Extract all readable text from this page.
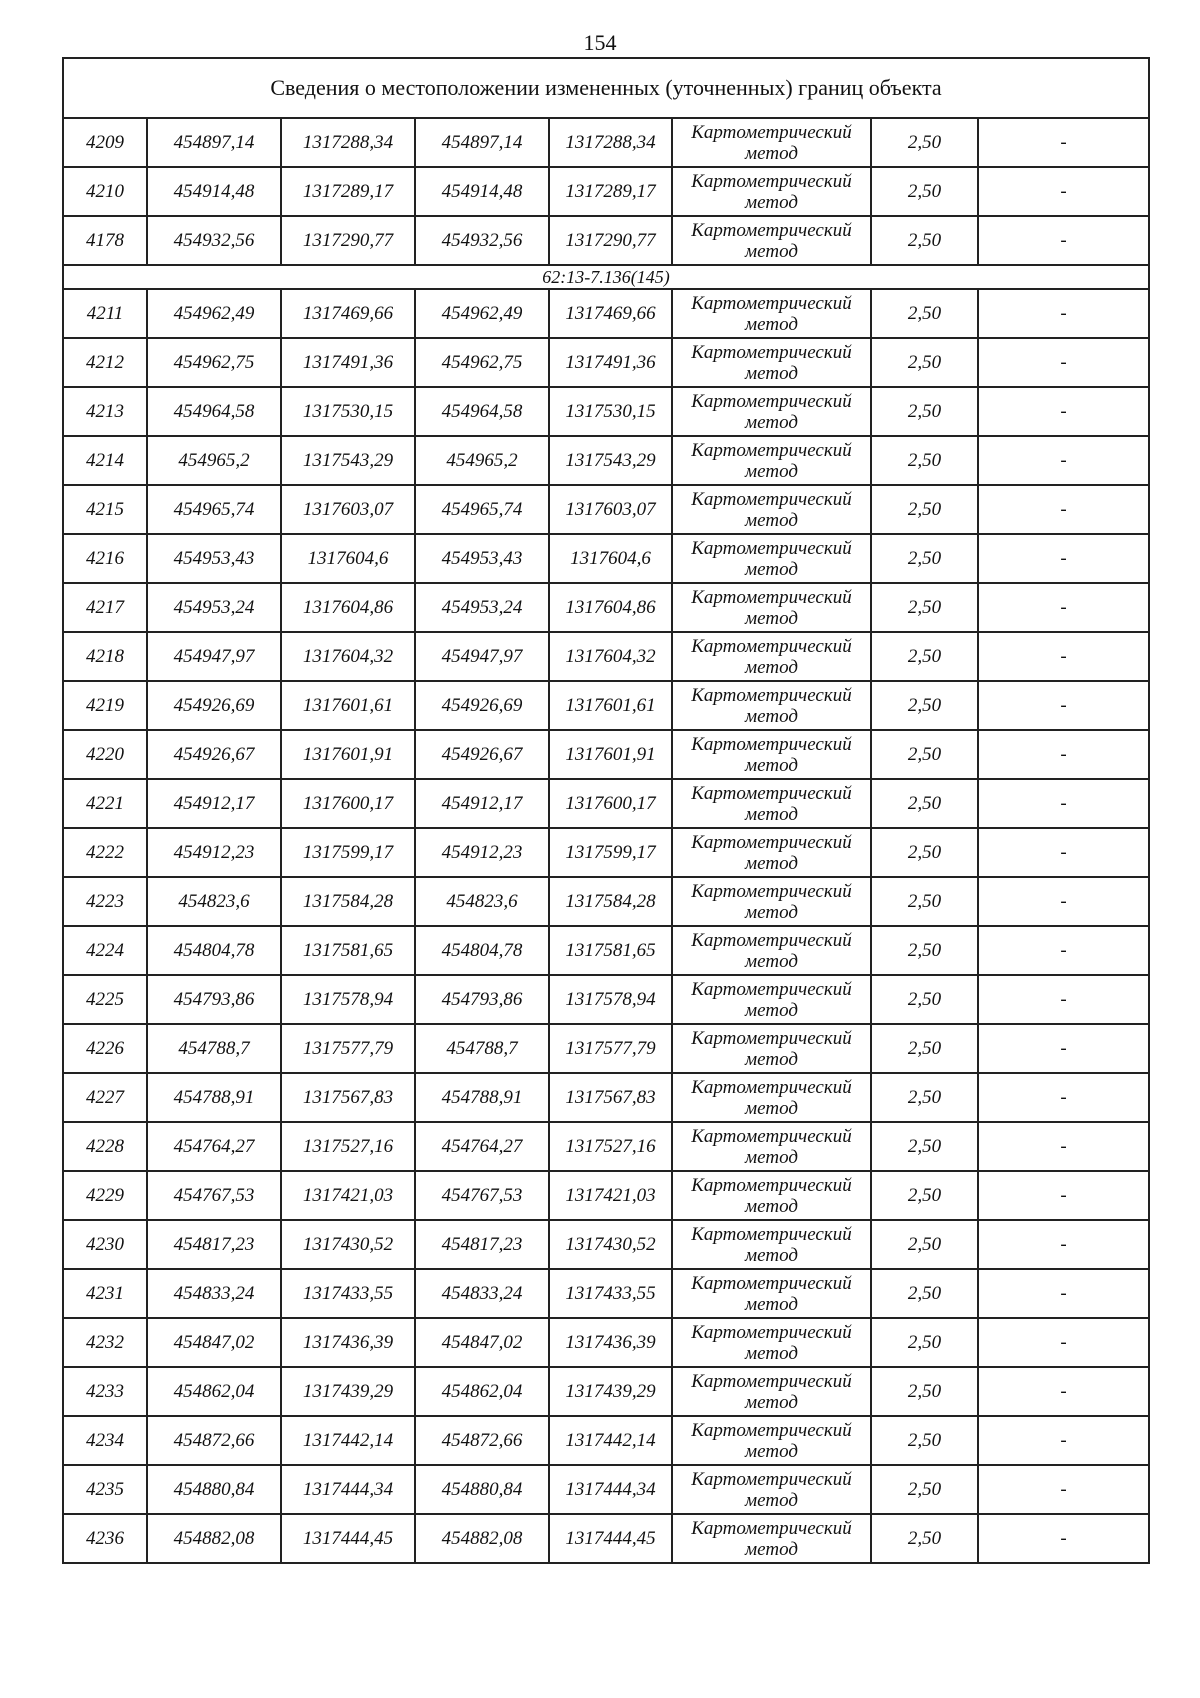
154
Сведения о местоположении измененных (уточненных) границ объекта							
4209	454897,14	1317288,34	454897,14	1317288,34	Картометрический метод	2,50	-
4210	454914,48	1317289,17	454914,48	1317289,17	Картометрический метод	2,50	-
4178	454932,56	1317290,77	454932,56	1317290,77	Картометрический метод	2,50	-
62:13-7.136(145)							
4211	454962,49	1317469,66	454962,49	1317469,66	Картометрический метод	2,50	-
4212	454962,75	1317491,36	454962,75	1317491,36	Картометрический метод	2,50	-
4213	454964,58	1317530,15	454964,58	1317530,15	Картометрический метод	2,50	-
4214	454965,2	1317543,29	454965,2	1317543,29	Картометрический метод	2,50	-
4215	454965,74	1317603,07	454965,74	1317603,07	Картометрический метод	2,50	-
4216	454953,43	1317604,6	454953,43	1317604,6	Картометрический метод	2,50	-
4217	454953,24	1317604,86	454953,24	1317604,86	Картометрический метод	2,50	-
4218	454947,97	1317604,32	454947,97	1317604,32	Картометрический метод	2,50	-
4219	454926,69	1317601,61	454926,69	1317601,61	Картометрический метод	2,50	-
4220	454926,67	1317601,91	454926,67	1317601,91	Картометрический метод	2,50	-
4221	454912,17	1317600,17	454912,17	1317600,17	Картометрический метод	2,50	-
4222	454912,23	1317599,17	454912,23	1317599,17	Картометрический метод	2,50	-
4223	454823,6	1317584,28	454823,6	1317584,28	Картометрический метод	2,50	-
4224	454804,78	1317581,65	454804,78	1317581,65	Картометрический метод	2,50	-
4225	454793,86	1317578,94	454793,86	1317578,94	Картометрический метод	2,50	-
4226	454788,7	1317577,79	454788,7	1317577,79	Картометрический метод	2,50	-
4227	454788,91	1317567,83	454788,91	1317567,83	Картометрический метод	2,50	-
4228	454764,27	1317527,16	454764,27	1317527,16	Картометрический метод	2,50	-
4229	454767,53	1317421,03	454767,53	1317421,03	Картометрический метод	2,50	-
4230	454817,23	1317430,52	454817,23	1317430,52	Картометрический метод	2,50	-
4231	454833,24	1317433,55	454833,24	1317433,55	Картометрический метод	2,50	-
4232	454847,02	1317436,39	454847,02	1317436,39	Картометрический метод	2,50	-
4233	454862,04	1317439,29	454862,04	1317439,29	Картометрический метод	2,50	-
4234	454872,66	1317442,14	454872,66	1317442,14	Картометрический метод	2,50	-
4235	454880,84	1317444,34	454880,84	1317444,34	Картометрический метод	2,50	-
4236	454882,08	1317444,45	454882,08	1317444,45	Картометрический метод	2,50	-
